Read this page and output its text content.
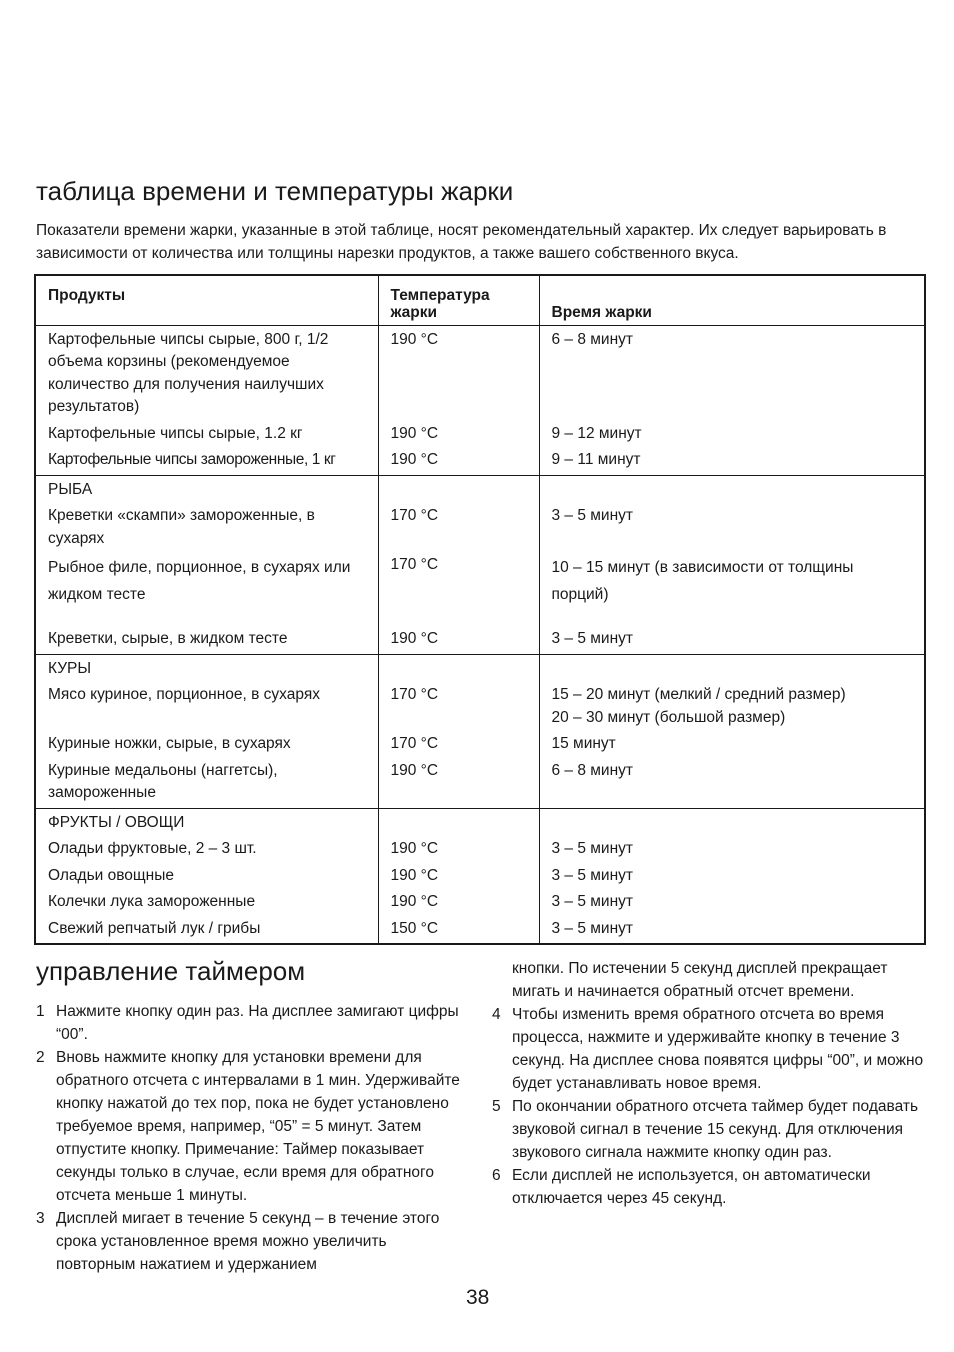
таблица времени и температуры жарки

Показатели времени жарки, указанные в этой таблице, носят рекомендательный характер. Их следует варьировать в зависимости от количества или толщины нарезки продуктов, а также вашего собственного вкуса.

Продукты	Температура жарки	Время жарки
Картофельные чипсы сырые, 800 г, 1/2 объема корзины (рекомендуемое количество для получения наилучших результатов)	190 °C	6 – 8 минут
Картофельные чипсы сырые, 1.2 кг	190 °C	9 – 12 минут
Картофельные чипсы замороженные, 1 кг	190 °C	9 – 11 минут
РЫБА		
Креветки «скампи» замороженные, в сухарях	170 °C	3 – 5 минут
Рыбное филе, порционное, в сухарях или жидком тесте	170 °C	10 – 15 минут (в зависимости от толщины порций)
Креветки, сырые, в жидком тесте	190 °C	3 – 5 минут
КУРЫ		
Мясо куриное, порционное, в сухарях	170 °C	15 – 20 минут (мелкий / средний размер)
20 – 30 минут (большой размер)

Куриные ножки, сырые, в сухарях	170 °C	15 минут
Куриные медальоны (наггетсы), замороженные	190 °C	6 – 8 минут
ФРУКТЫ / ОВОЩИ		
Оладьи фруктовые, 2 – 3 шт.	190 °C	3 – 5 минут
Оладьи овощные	190 °C	3 – 5 минут
Колечки лука замороженные	190 °C	3 – 5 минут
Свежий репчатый лук / грибы	150 °C	3 – 5 минут
управление таймером
1 Нажмите кнопку один раз. На дисплее замигают цифры “00”.
2 Вновь нажмите кнопку для установки времени для обратного отсчета с интервалами в 1 мин. Удерживайте кнопку нажатой до тех пор, пока не будет установлено требуемое время, например, “05” = 5 минут. Затем отпустите кнопку. Примечание: Таймер показывает секунды только в случае, если время для обратного отсчета меньше 1 минуты.
3 Дисплей мигает в течение 5 секунд – в течение этого срока установленное время можно увеличить повторным нажатием и удержанием
кнопки. По истечении 5 секунд дисплей прекращает мигать и начинается обратный отсчет времени.
4 Чтобы изменить время обратного отсчета во время процесса, нажмите и удерживайте кнопку в течение 3 секунд. На дисплее снова появятся цифры “00”, и можно будет устанавливать новое время.
5 По окончании обратного отсчета таймер будет подавать звуковой сигнал в течение 15 секунд. Для отключения звукового сигнала нажмите кнопку один раз.
6 Если дисплей не используется, он автоматически отключается через 45 секунд.
38
